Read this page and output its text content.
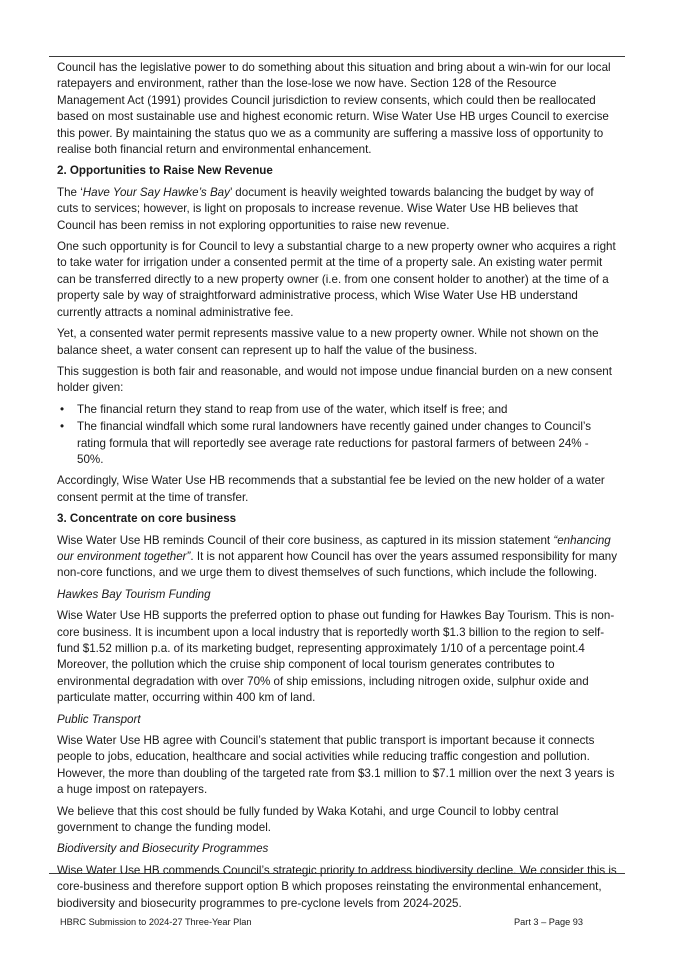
Council has the legislative power to do something about this situation and bring about a win-win for our local ratepayers and environment, rather than the lose-lose we now have. Section 128 of the Resource Management Act (1991) provides Council jurisdiction to review consents, which could then be reallocated based on most sustainable use and highest economic return. Wise Water Use HB urges Council to exercise this power. By maintaining the status quo we as a community are suffering a massive loss of opportunity to realise both financial return and environmental enhancement.

2. Opportunities to Raise New Revenue

The ‘Have Your Say Hawke’s Bay’ document is heavily weighted towards balancing the budget by way of cuts to services; however, is light on proposals to increase revenue. Wise Water Use HB believes that Council has been remiss in not exploring opportunities to raise new revenue.

One such opportunity is for Council to levy a substantial charge to a new property owner who acquires a right to take water for irrigation under a consented permit at the time of a property sale. An existing water permit can be transferred directly to a new property owner (i.e. from one consent holder to another) at the time of a property sale by way of straightforward administrative process, which Wise Water Use HB understand currently attracts a nominal administrative fee.

Yet, a consented water permit represents massive value to a new property owner. While not shown on the balance sheet, a water consent can represent up to half the value of the business.

This suggestion is both fair and reasonable, and would not impose undue financial burden on a new consent holder given:

• The financial return they stand to reap from use of the water, which itself is free; and
• The financial windfall which some rural landowners have recently gained under changes to Council’s rating formula that will reportedly see average rate reductions for pastoral farmers of between 24% - 50%.

Accordingly, Wise Water Use HB recommends that a substantial fee be levied on the new holder of a water consent permit at the time of transfer.

3. Concentrate on core business

Wise Water Use HB reminds Council of their core business, as captured in its mission statement “enhancing our environment together”. It is not apparent how Council has over the years assumed responsibility for many non-core functions, and we urge them to divest themselves of such functions, which include the following.

Hawkes Bay Tourism Funding

Wise Water Use HB supports the preferred option to phase out funding for Hawkes Bay Tourism. This is non-core business. It is incumbent upon a local industry that is reportedly worth $1.3 billion to the region to self-fund $1.52 million p.a. of its marketing budget, representing approximately 1/10 of a percentage point.4 Moreover, the pollution which the cruise ship component of local tourism generates contributes to environmental degradation with over 70% of ship emissions, including nitrogen oxide, sulphur oxide and particulate matter, occurring within 400 km of land.

Public Transport

Wise Water Use HB agree with Council’s statement that public transport is important because it connects people to jobs, education, healthcare and social activities while reducing traffic congestion and pollution. However, the more than doubling of the targeted rate from $3.1 million to $7.1 million over the next 3 years is a huge impost on ratepayers.

We believe that this cost should be fully funded by Waka Kotahi, and urge Council to lobby central government to change the funding model.

Biodiversity and Biosecurity Programmes

Wise Water Use HB commends Council’s strategic priority to address biodiversity decline. We consider this is core-business and therefore support option B which proposes reinstating the environmental enhancement, biodiversity and biosecurity programmes to pre-cyclone levels from 2024-2025.

HBRC Submission to 2024-27 Three-Year Plan	Part 3 – Page 93
